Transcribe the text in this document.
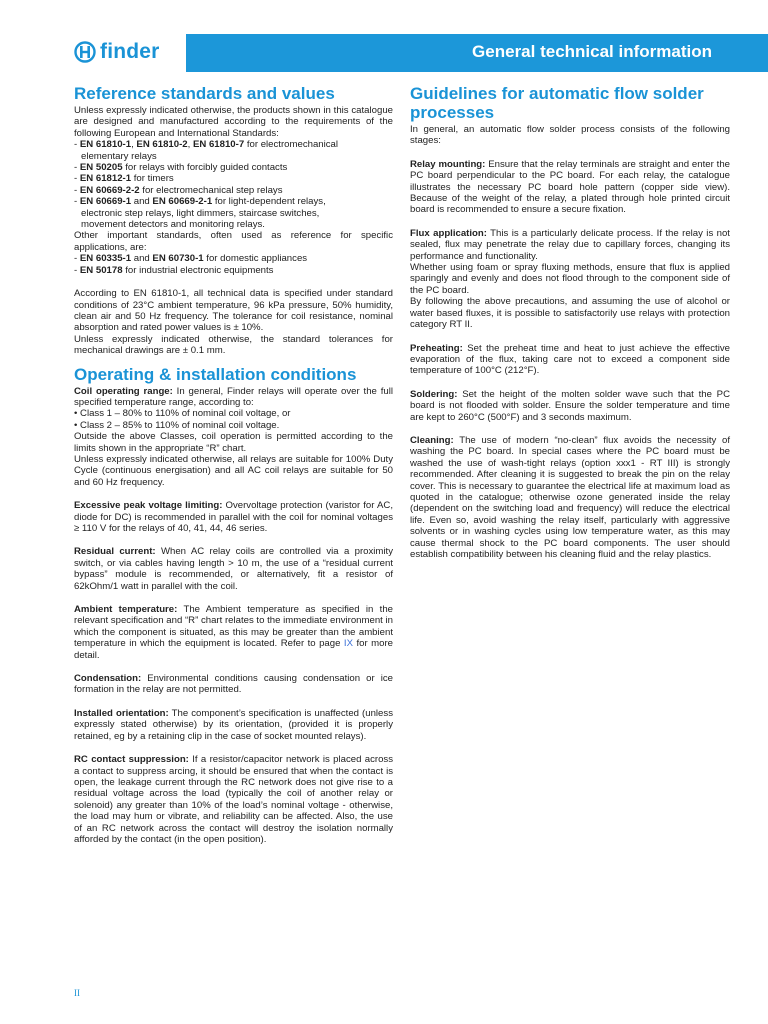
finder	General technical information
Reference standards and values

Unless expressly indicated otherwise, the products shown in this catalogue are designed and manufactured according to the requirements of the following European and International Standards:

- EN 61810-1, EN 61810-2, EN 61810-7 for electromechanical

elementary relays

- EN 50205 for relays with forcibly guided contacts

- EN 61812-1 for timers

- EN 60669-2-2 for electromechanical step relays

- EN 60669-1 and EN 60669-2-1 for light-dependent relays,

electronic step relays, light dimmers, staircase switches,

movement detectors and monitoring relays.

Other important standards, often used as reference for specific applications, are:

- EN 60335-1 and EN 60730-1 for domestic appliances

- EN 50178 for industrial electronic equipments

According to EN 61810-1, all technical data is specified under standard conditions of 23°C ambient temperature, 96 kPa pressure, 50% humidity, clean air and 50 Hz frequency. The tolerance for coil resistance, nominal absorption and rated power values is ± 10%.

Unless expressly indicated otherwise, the standard tolerances for mechanical drawings are ± 0.1 mm.

Operating & installation conditions

Coil operating range: In general, Finder relays will operate over the full specified temperature range, according to:

• Class 1 – 80% to 110% of nominal coil voltage, or

• Class 2 – 85% to 110% of nominal coil voltage.

Outside the above Classes, coil operation is permitted according to the limits shown in the appropriate “R” chart.

Unless expressly indicated otherwise, all relays are suitable for 100% Duty Cycle (continuous energisation) and all AC coil relays are suitable for 50 and 60 Hz frequency.

Excessive peak voltage limiting: Overvoltage protection (varistor for AC, diode for DC) is recommended in parallel with the coil for nominal voltages ≥ 110 V for the relays of 40, 41, 44, 46 series.

Residual current: When AC relay coils are controlled via a proximity switch, or via cables having length > 10 m, the use of a “residual current bypass” module is recommended, or alternatively, fit a resistor of 62kOhm/1 watt in parallel with the coil.

Ambient temperature: The Ambient temperature as specified in the relevant specification and “R” chart relates to the immediate environment in which the component is situated, as this may be greater than the ambient temperature in which the equipment is located. Refer to page IX for more detail.

Condensation: Environmental conditions causing condensation or ice formation in the relay are not permitted.

Installed orientation: The component’s specification is unaffected (unless expressly stated otherwise) by its orientation, (provided it is properly retained, eg by a retaining clip in the case of socket mounted relays).

RC contact suppression: If a resistor/capacitor network is placed across a contact to suppress arcing, it should be ensured that when the contact is open, the leakage current through the RC network does not give rise to a residual voltage across the load (typically the coil of another relay or solenoid) any greater than 10% of the load’s nominal voltage - otherwise, the load may hum or vibrate, and reliability can be affected. Also, the use of an RC network across the contact will destroy the isolation normally afforded by the contact (in the open position).

Guidelines for automatic flow solder processes

In general, an automatic flow solder process consists of the following stages:

Relay mounting: Ensure that the relay terminals are straight and enter the PC board perpendicular to the PC board. For each relay, the catalogue illustrates the necessary PC board hole pattern (copper side view). Because of the weight of the relay, a plated through hole printed circuit board is recommended to ensure a secure fixation.

Flux application: This is a particularly delicate process. If the relay is not sealed, flux may penetrate the relay due to capillary forces, changing its performance and functionality.

Whether using foam or spray fluxing methods, ensure that flux is applied sparingly and evenly and does not flood through to the component side of the PC board.

By following the above precautions, and assuming the use of alcohol or water based fluxes, it is possible to satisfactorily use relays with protection category RT II.

Preheating: Set the preheat time and heat to just achieve the effective evaporation of the flux, taking care not to exceed a component side temperature of 100°C (212°F).

Soldering: Set the height of the molten solder wave such that the PC board is not flooded with solder. Ensure the solder temperature and time are kept to 260°C (500°F) and 3 seconds maximum.

Cleaning: The use of modern “no-clean” flux avoids the necessity of washing the PC board. In special cases where the PC board must be washed the use of wash-tight relays (option xxx1 - RT III) is strongly recommended. After cleaning it is suggested to break the pin on the relay cover. This is necessary to guarantee the electrical life at maximum load as quoted in the catalogue; otherwise ozone generated inside the relay (dependent on the switching load and frequency) will reduce the electrical life. Even so, avoid washing the relay itself, particularly with aggressive solvents or in washing cycles using low temperature water, as this may cause thermal shock to the PC board components. The user should establish compatibility between his cleaning fluid and the relay plastics.

II
